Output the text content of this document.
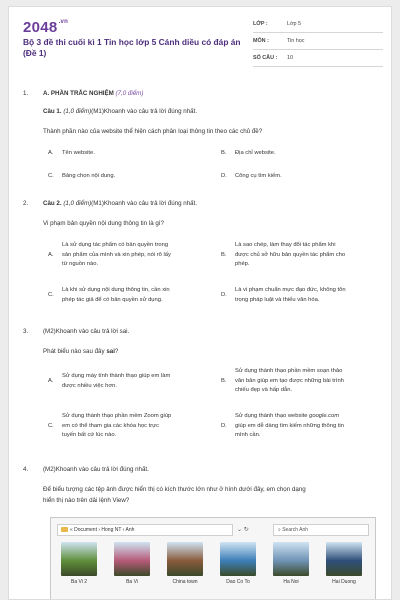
$2048^{.vn}$
Bộ 3 đề thi cuối kì 1 Tin học lớp 5 Cánh diều có đáp án (Đề 1)
LỚP :	Lớp 5
MÔN :	Tin học
SỐ CÂU :	10
1. A. PHẦN TRẮC NGHIỆM (7,0 điểm)
Câu 1. (1,0 điểm)(M1)Khoanh vào câu trả lời đúng nhất.
Thành phần nào của website thể hiện cách phân loại thông tin theo các chủ đề?
A. Tên website.	B. Địa chỉ website.
C. Bảng chọn nội dung.	D. Công cụ tìm kiếm.
2. Câu 2. (1,0 điểm)(M1)Khoanh vào câu trả lời đúng nhất.
Vi phạm bản quyền nội dung thông tin là gì?
A.
Là sử dụng tác phẩm có bản quyền trong
sản phẩm của mình và xin phép, nói rõ lấy
từ nguồn nào.
B.
Là sao chép, làm thay đổi tác phẩm khi
được chủ sở hữu bản quyền tác phẩm cho
phép.
C.
Là khi sử dụng nội dung thông tin, cần xin
phép tác giả để có bản quyền sử dụng.
D.
Là vi phạm chuẩn mực đạo đức, không tôn
trọng pháp luật và thiếu văn hóa.
3. (M2)Khoanh vào câu trả lời sai.
Phát biểu nào sau đây sai?
A.
Sử dụng máy tính thành thạo giúp em làm
được nhiều việc hơn.
B.
Sử dụng thành thạo phần mềm soạn thảo
văn bản giúp em tạo được những bài trình
chiếu đẹp và hấp dẫn.
C.
Sử dụng thành thạo phần mềm Zoom giúp
em có thể tham gia các khóa học trực
tuyến bất cứ lúc nào.
D.
Sử dụng thành thạo website google.com
giúp em dễ dàng tìm kiếm những thông tin
mình cần.
4. (M2)Khoanh vào câu trả lời đúng nhất.
Để biểu tượng các tệp ảnh được hiển thị có kích thước lớn như ở hình dưới đây, em chọn dạng
hiển thị nào trên dải lệnh View?
« Document › Hong NT › Anh	⌄ ↻	⌕ Search Anh
Ba Vi 2	Ba Vi	China town	Dao Co To	Ha Noi	Hai Duong
